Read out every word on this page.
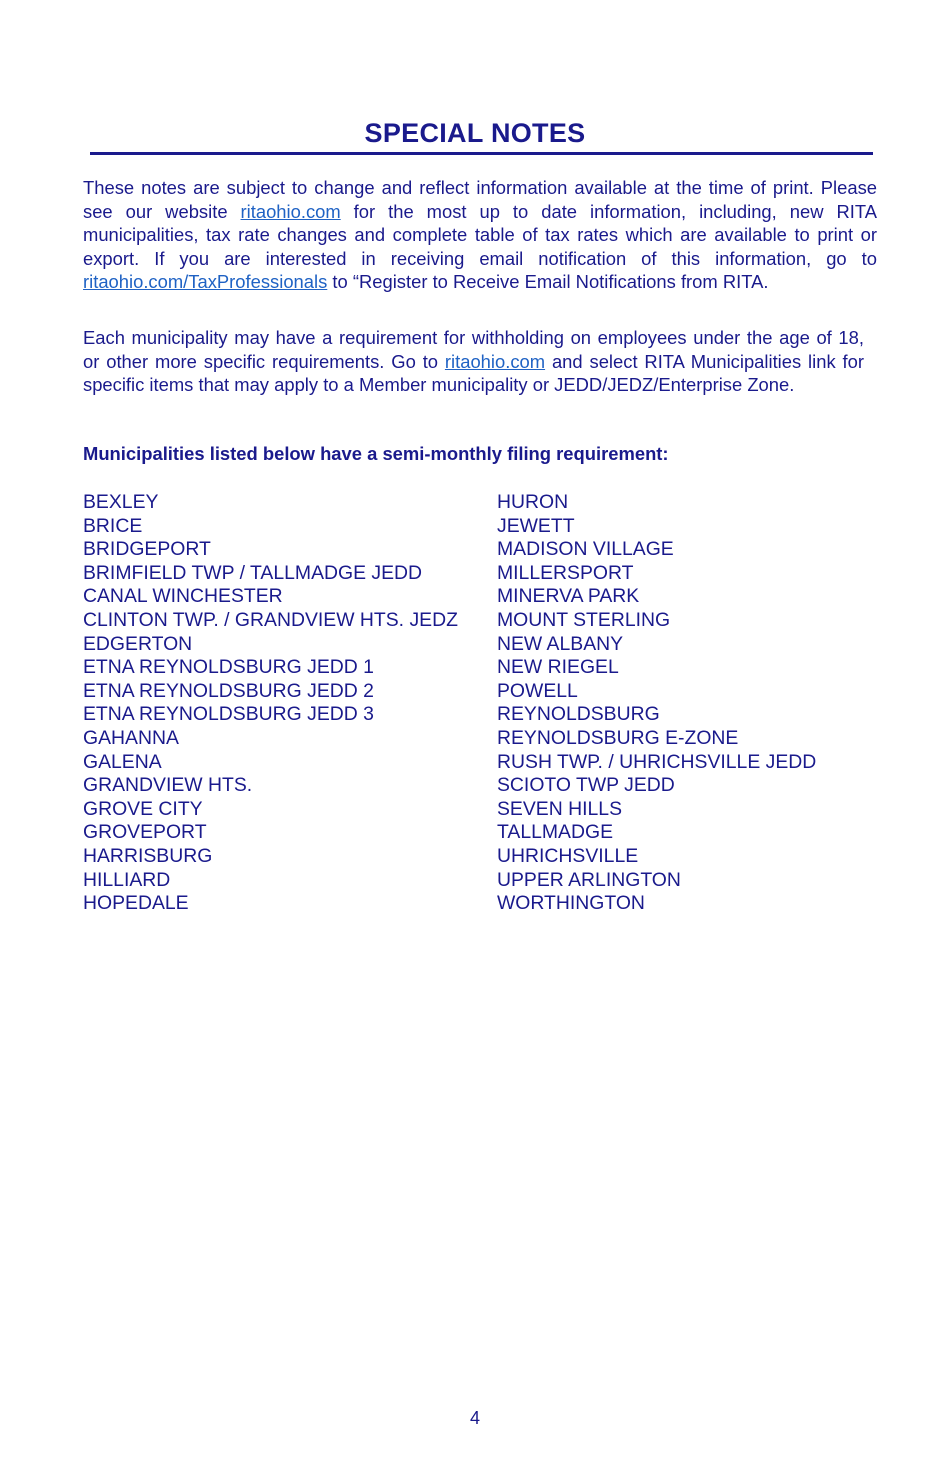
SPECIAL NOTES
These notes are subject to change and reflect information available at the time of print. Please see our website ritaohio.com for the most up to date information, including, new RITA municipalities, tax rate changes and complete table of tax rates which are available to print or export. If you are interested in receiving email notification of this information, go to ritaohio.com/TaxProfessionals to “Register to Receive Email Notifications from RITA.
Each municipality may have a requirement for withholding on employees under the age of 18, or other more specific requirements. Go to ritaohio.com and select RITA Municipalities link for specific items that may apply to a Member municipality or JEDD/JEDZ/Enterprise Zone.
Municipalities listed below have a semi-monthly filing requirement:
BEXLEY
BRICE
BRIDGEPORT
BRIMFIELD TWP / TALLMADGE JEDD
CANAL WINCHESTER
CLINTON TWP. / GRANDVIEW HTS. JEDZ
EDGERTON
ETNA REYNOLDSBURG JEDD 1
ETNA REYNOLDSBURG JEDD 2
ETNA REYNOLDSBURG JEDD 3
GAHANNA
GALENA
GRANDVIEW HTS.
GROVE CITY
GROVEPORT
HARRISBURG
HILLIARD
HOPEDALE
HURON
JEWETT
MADISON VILLAGE
MILLERSPORT
MINERVA PARK
MOUNT STERLING
NEW ALBANY
NEW RIEGEL
POWELL
REYNOLDSBURG
REYNOLDSBURG E-ZONE
RUSH TWP. / UHRICHSVILLE JEDD
SCIOTO TWP JEDD
SEVEN HILLS
TALLMADGE
UHRICHSVILLE
UPPER ARLINGTON
WORTHINGTON
4
